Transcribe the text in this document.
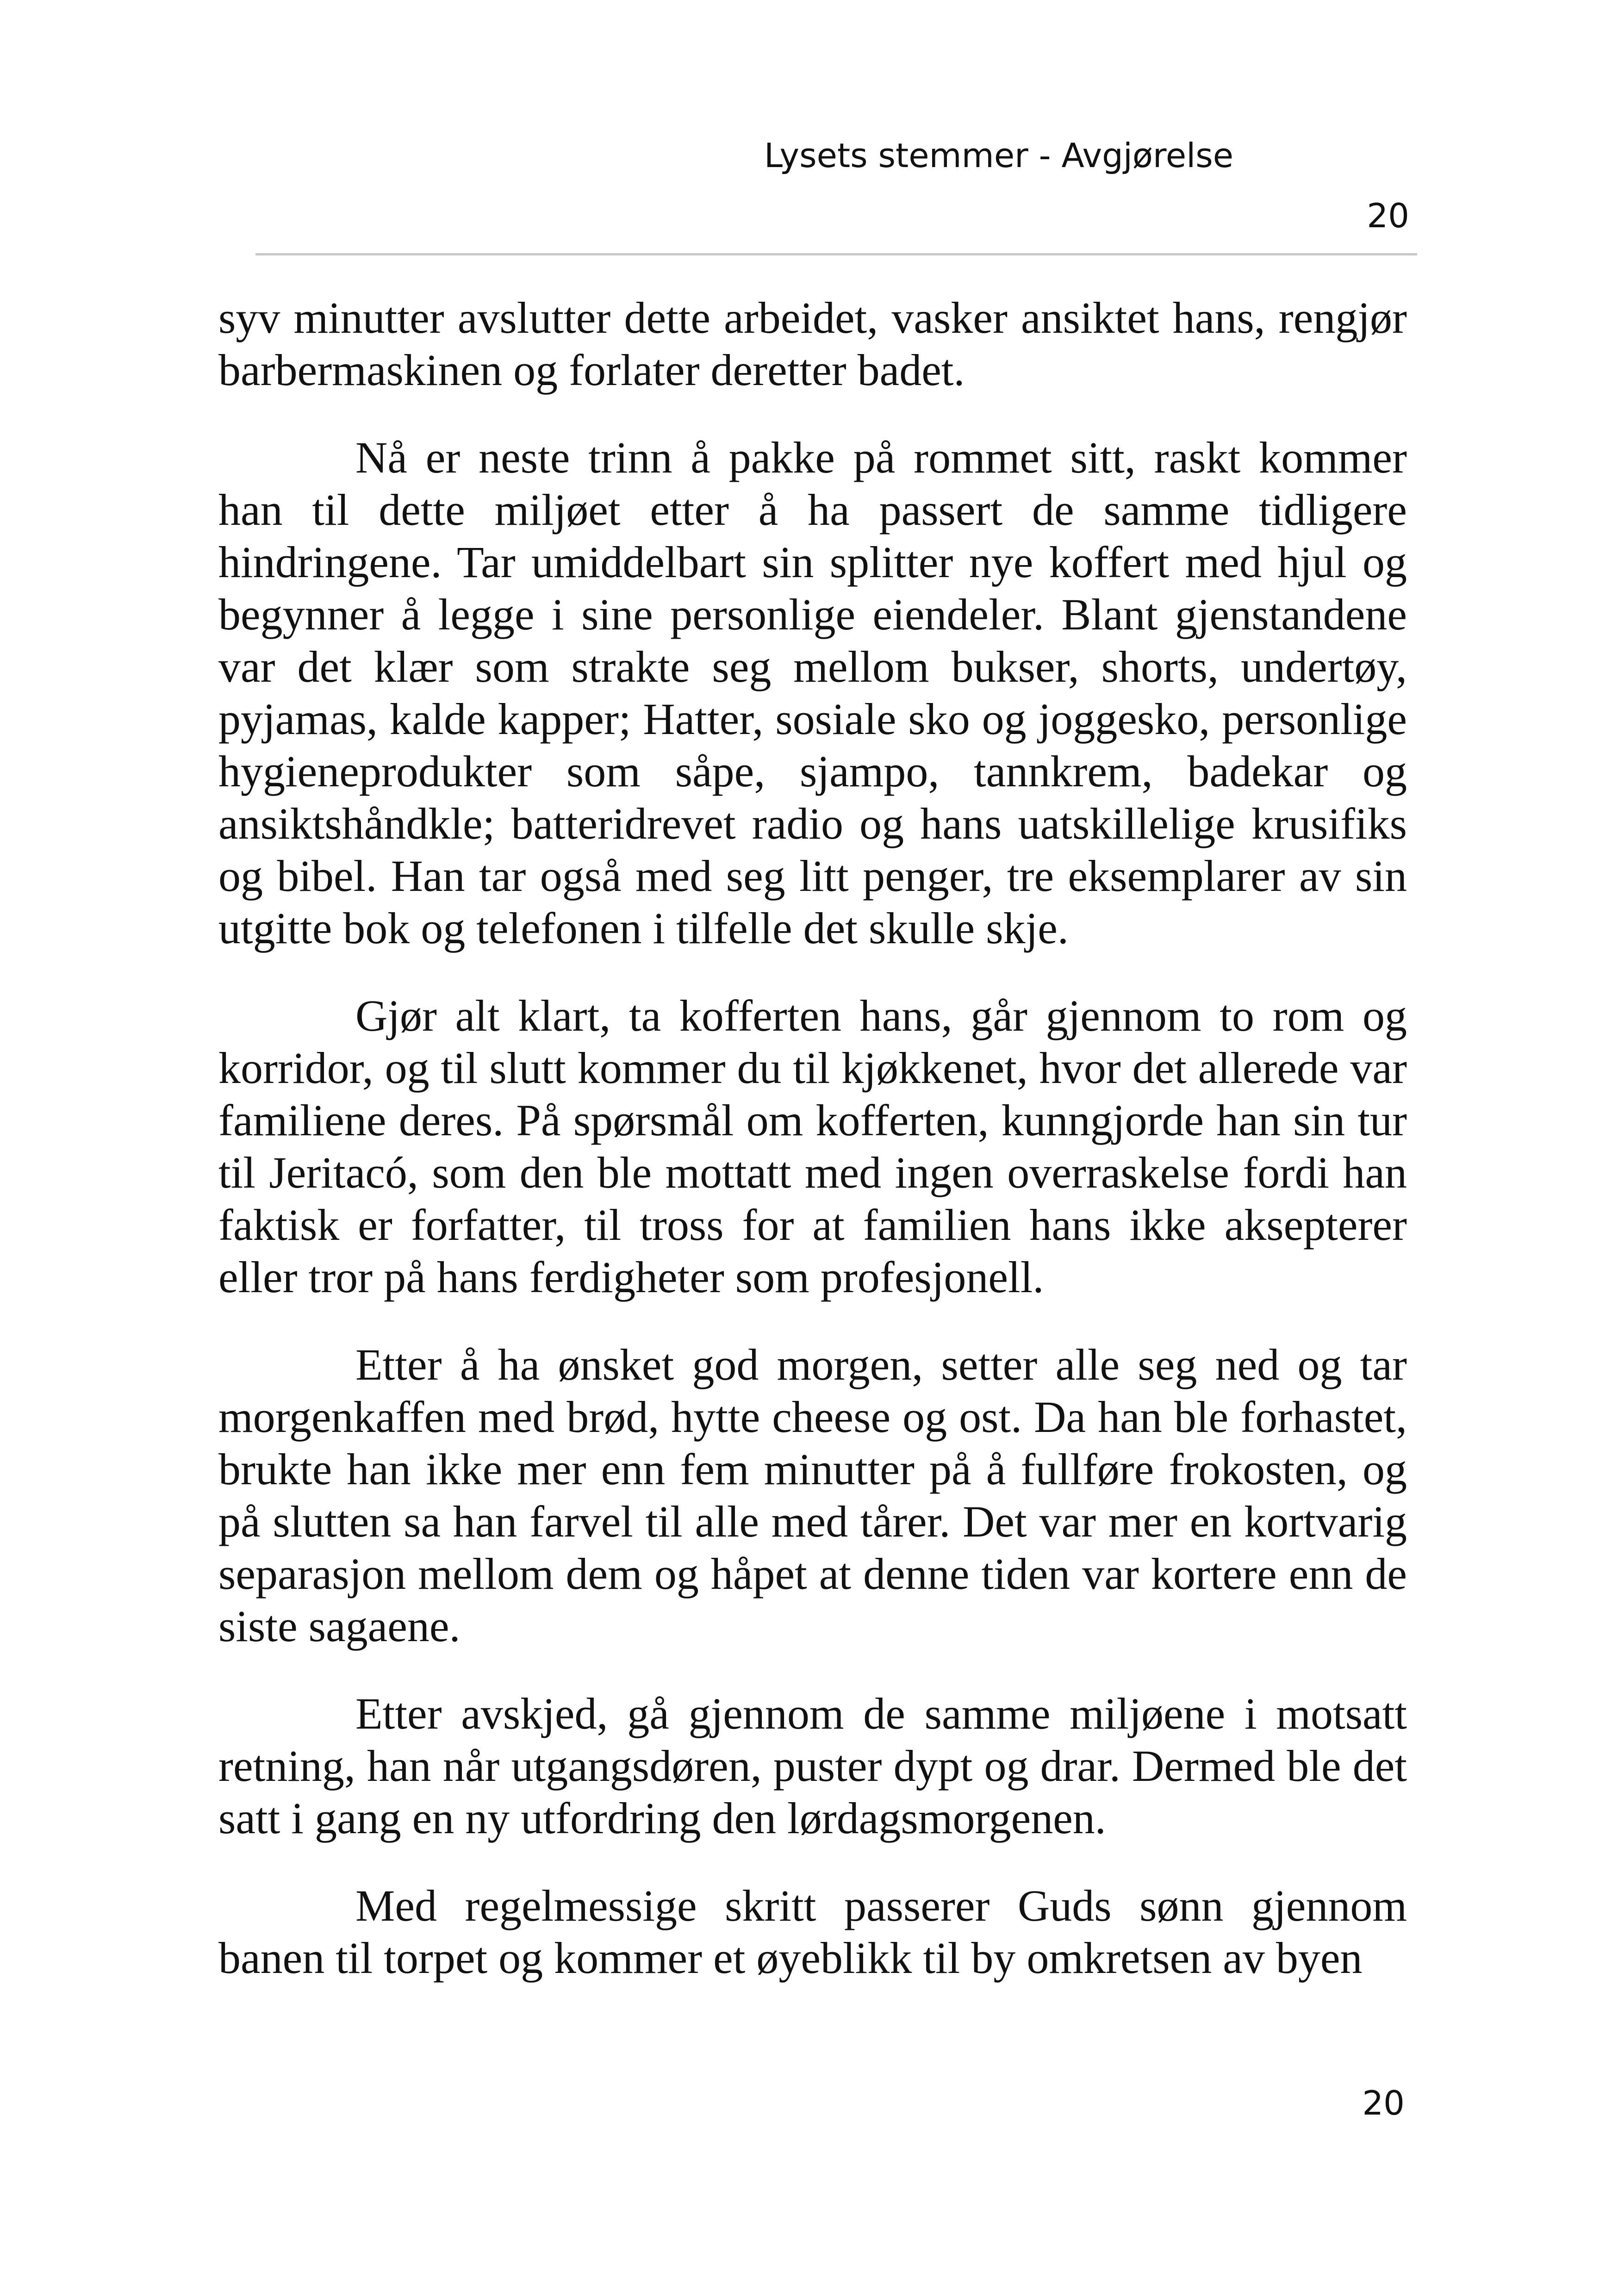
Lysets stemmer - Avgjørelse
20

syv minutter avslutter dette arbeidet, vasker ansiktet hans, rengjør barbermaskinen og forlater deretter badet.

Nå er neste trinn å pakke på rommet sitt, raskt kommer han til dette miljøet etter å ha passert de samme tidligere hindringene. Tar umiddelbart sin splitter nye koffert med hjul og begynner å legge i sine personlige eiendeler. Blant gjenstandene var det klær som strakte seg mellom bukser, shorts, undertøy, pyjamas, kalde kapper; Hatter, sosiale sko og joggesko, personlige hygieneprodukter som såpe, sjampo, tannkrem, badekar og ansiktshåndkle; batteridrevet radio og hans uatskillelige krusifiks og bibel. Han tar også med seg litt penger, tre eksemplarer av sin utgitte bok og telefonen i tilfelle det skulle skje.

Gjør alt klart, ta kofferten hans, går gjennom to rom og korridor, og til slutt kommer du til kjøkkenet, hvor det allerede var familiene deres. På spørsmål om kofferten, kunngjorde han sin tur til Jeritacó, som den ble mottatt med ingen overraskelse fordi han faktisk er forfatter, til tross for at familien hans ikke aksepterer eller tror på hans ferdigheter som profesjonell.

Etter å ha ønsket god morgen, setter alle seg ned og tar morgenkaffen med brød, hytte cheese og ost. Da han ble forhastet, brukte han ikke mer enn fem minutter på å fullføre frokosten, og på slutten sa han farvel til alle med tårer. Det var mer en kortvarig separasjon mellom dem og håpet at denne tiden var kortere enn de siste sagaene.

Etter avskjed, gå gjennom de samme miljøene i motsatt retning, han når utgangsdøren, puster dypt og drar. Dermed ble det satt i gang en ny utfordring den lørdagsmorgenen.

Med regelmessige skritt passerer Guds sønn gjennom banen til torpet og kommer et øyeblikk til by omkretsen av byen

20
